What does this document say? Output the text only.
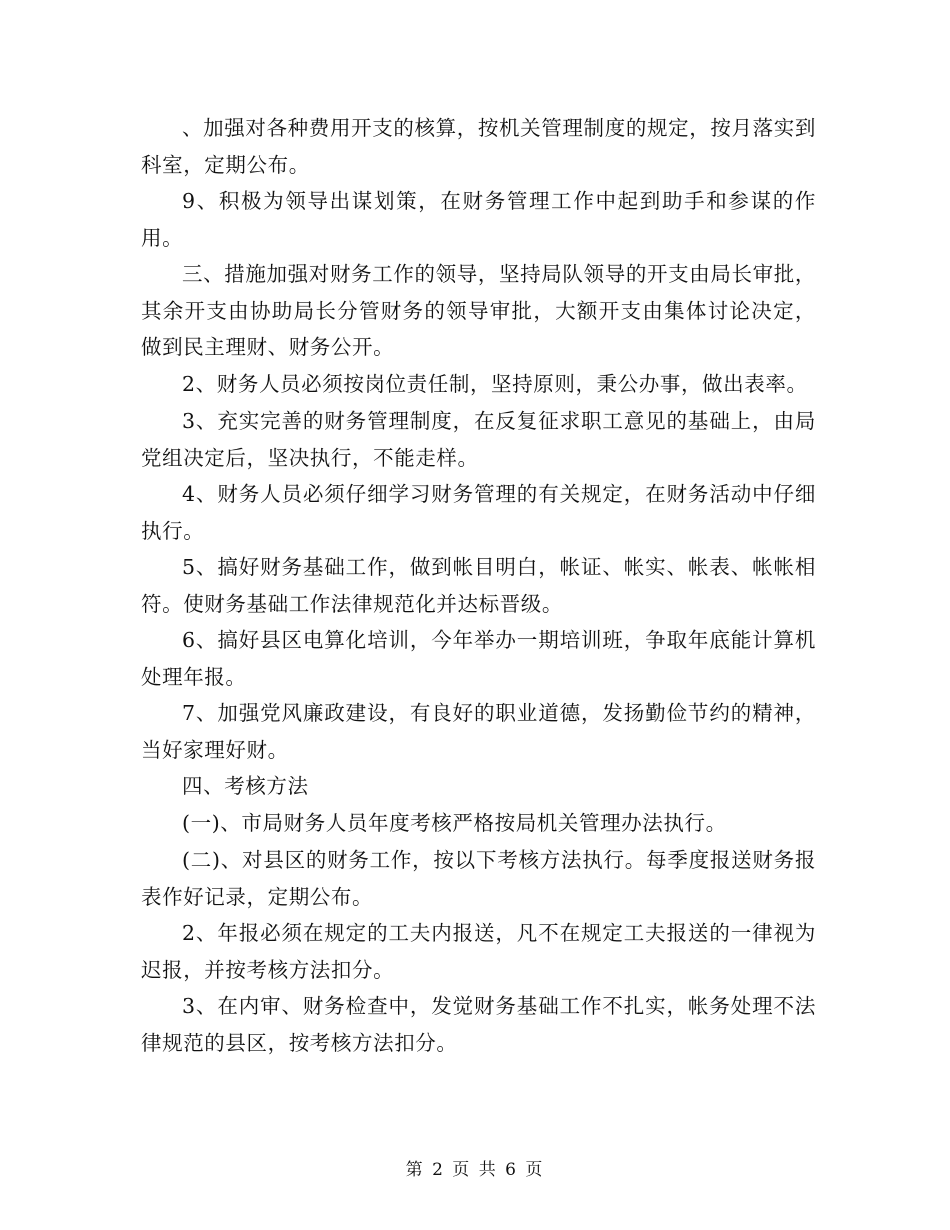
、加强对各种费用开支的核算，按机关管理制度的规定，按月落实到科室，定期公布。

9、积极为领导出谋划策，在财务管理工作中起到助手和参谋的作用。

三、措施加强对财务工作的领导，坚持局队领导的开支由局长审批，其余开支由协助局长分管财务的领导审批，大额开支由集体讨论决定，做到民主理财、财务公开。

2、财务人员必须按岗位责任制，坚持原则，秉公办事，做出表率。

3、充实完善的财务管理制度，在反复征求职工意见的基础上，由局党组决定后，坚决执行，不能走样。

4、财务人员必须仔细学习财务管理的有关规定，在财务活动中仔细执行。

5、搞好财务基础工作，做到帐目明白，帐证、帐实、帐表、帐帐相符。使财务基础工作法律规范化并达标晋级。

6、搞好县区电算化培训，今年举办一期培训班，争取年底能计算机处理年报。

7、加强党风廉政建设，有良好的职业道德，发扬勤俭节约的精神，当好家理好财。

四、考核方法

(一)、市局财务人员年度考核严格按局机关管理办法执行。

(二)、对县区的财务工作，按以下考核方法执行。每季度报送财务报表作好记录，定期公布。

2、年报必须在规定的工夫内报送，凡不在规定工夫报送的一律视为迟报，并按考核方法扣分。

3、在内审、财务检查中，发觉财务基础工作不扎实，帐务处理不法律规范的县区，按考核方法扣分。

第 2 页 共 6 页
